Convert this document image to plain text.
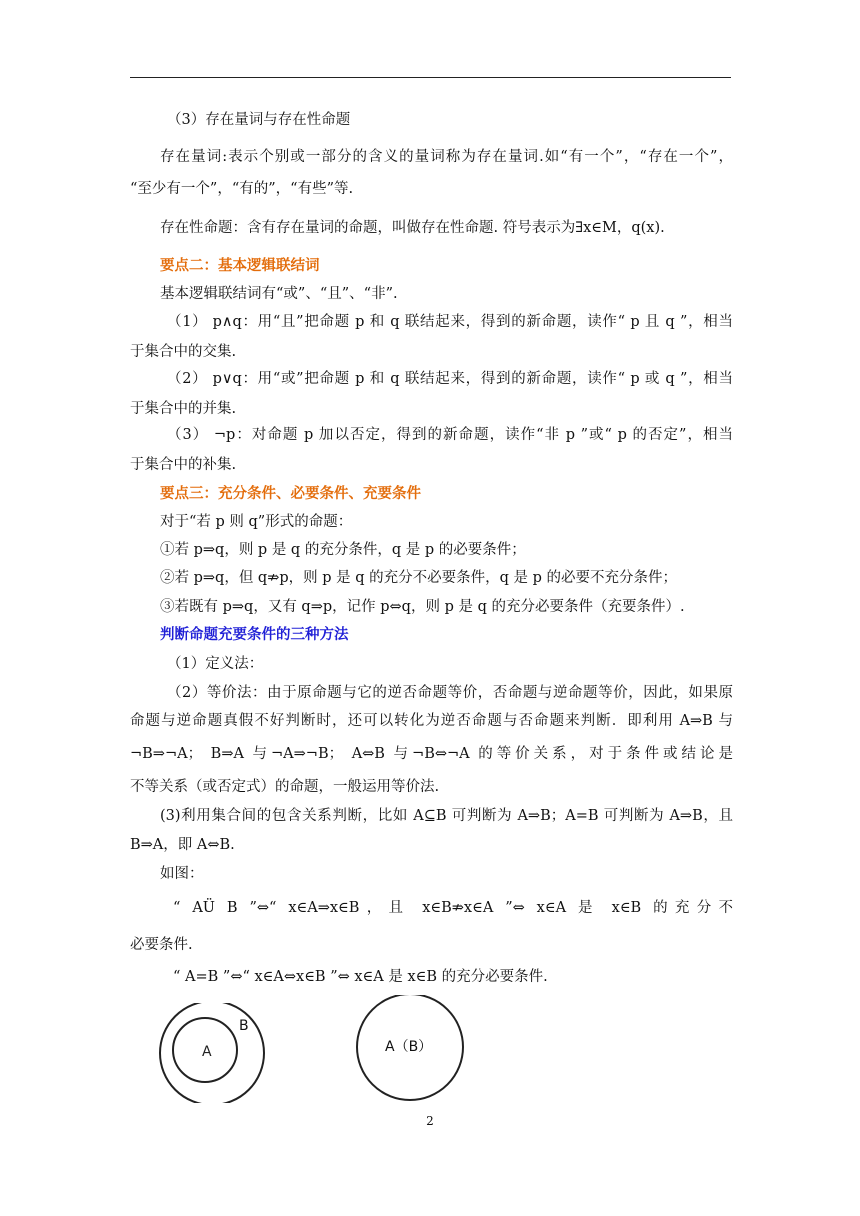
（3）存在量词与存在性命题
存在量词:表示个别或一部分的含义的量词称为存在量词.如“有一个”，“存在一个”，
“至少有一个”，“有的”，“有些”等.
存在性命题：含有存在量词的命题，叫做存在性命题. 符号表示为∃x∈M，q(x).
要点二：基本逻辑联结词
基本逻辑联结词有“或”、“且”、“非”.
（1） p∧q：用“且”把命题 p 和 q 联结起来，得到的新命题，读作“ p 且 q ”，相当
于集合中的交集.
（2） p∨q：用“或”把命题 p 和 q 联结起来，得到的新命题，读作“ p 或 q ”，相当
于集合中的并集.
（3） ¬p：对命题 p 加以否定，得到的新命题，读作“非 p ”或“ p 的否定”，相当
于集合中的补集.
要点三：充分条件、必要条件、充要条件
对于“若 p 则 q”形式的命题：
①若 p⇒q，则 p 是 q 的充分条件，q 是 p 的必要条件；
②若 p⇒q，但 q⇏p，则 p 是 q 的充分不必要条件，q 是 p 的必要不充分条件；
③若既有 p⇒q，又有 q⇒p，记作 p⇔q，则 p 是 q 的充分必要条件（充要条件）.
判断命题充要条件的三种方法
（1）定义法：
（2）等价法：由于原命题与它的逆否命题等价，否命题与逆命题等价，因此，如果原
命题与逆命题真假不好判断时，还可以转化为逆否命题与否命题来判断．即利用 A⇒B 与
¬B⇒¬A； B⇒A 与¬A⇒¬B； A⇔B 与¬B⇔¬A 的等价关系，对于条件或结论是
不等关系（或否定式）的命题，一般运用等价法.
(3)利用集合间的包含关系判断，比如 A⊆B 可判断为 A⇒B；A=B 可判断为 A⇒B，且
B⇒A，即 A⇔B.
如图：
“ AÜ B ”⇔“ x∈A⇒x∈B，且 x∈B⇏x∈A ”⇔ x∈A 是 x∈B 的充分不
必要条件.
“ A=B ”⇔“ x∈A⇔x∈B ”⇔ x∈A 是 x∈B 的充分必要条件.
A
B
A（B）
2
